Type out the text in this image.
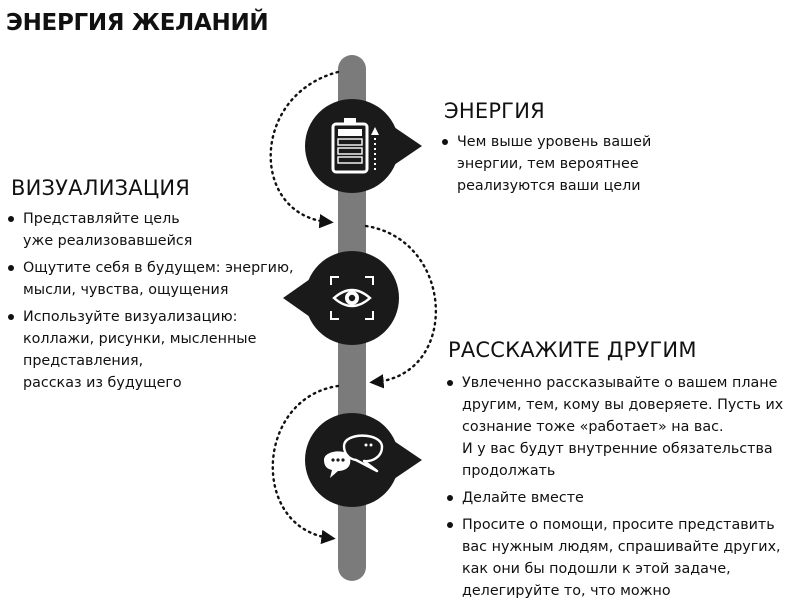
ЭНЕРГИЯ ЖЕЛАНИЙ
ЭНЕРГИЯ
Чем выше уровень вашей
энергии, тем вероятнее
реализуются ваши цели
ВИЗУАЛИЗАЦИЯ
Представляйте цель
уже реализовавшейся
Ощутите себя в будущем: энергию,
мысли, чувства, ощущения
Используйте визуализацию:
коллажи, рисунки, мысленные
представления,
рассказ из будущего
РАССКАЖИТЕ ДРУГИМ
Увлеченно рассказывайте о вашем плане
другим, тем, кому вы доверяете. Пусть их
сознание тоже «работает» на вас.
И у вас будут внутренние обязательства
продолжать
Делайте вместе
Просите о помощи, просите представить
вас нужным людям, спрашивайте других,
как они бы подошли к этой задаче,
делегируйте то, что можно
